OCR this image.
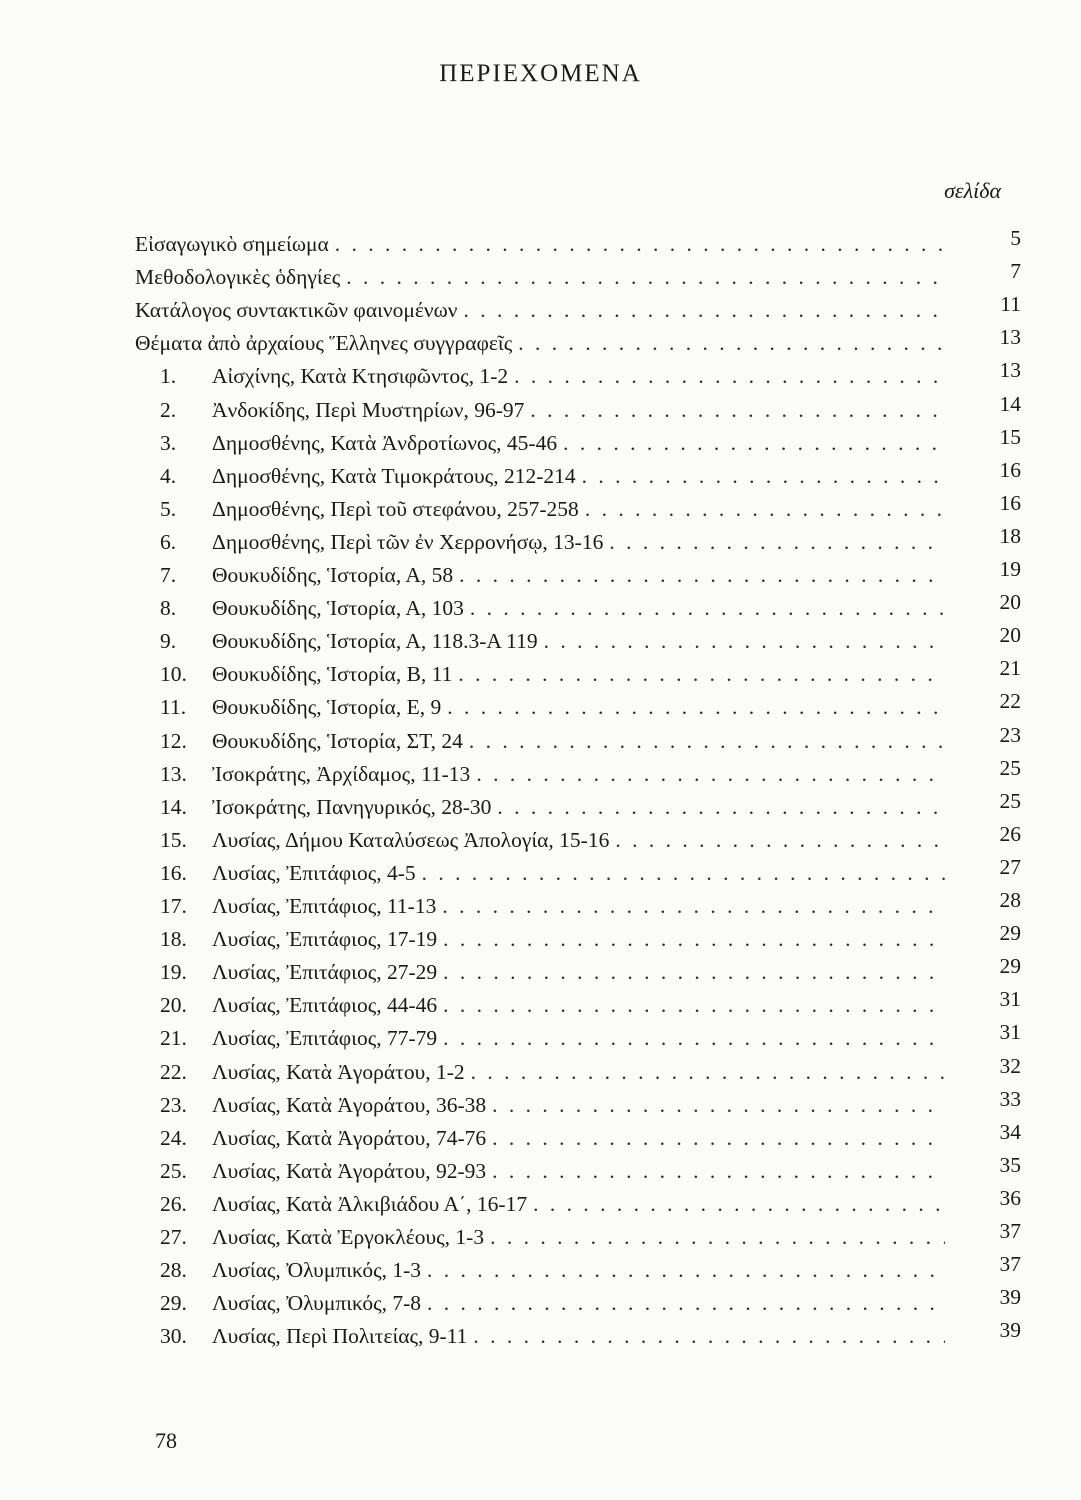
ΠΕΡΙΕΧΟΜΕΝΑ
σελίδα
Εἰσαγωγικὸ σημείωμα . . .	5
Μεθοδολογικὲς ὁδηγίες . . .	7
Κατάλογος συντακτικῶν φαινομένων . . .	11
Θέματα ἀπὸ ἀρχαίους Ἕλληνες συγγραφεῖς . . .	13
1.	Αἰσχίνης, Κατὰ Κτησιφῶντος, 1-2 . . .	13
2.	Ἀνδοκίδης, Περὶ Μυστηρίων, 96-97 . . .	14
3.	Δημοσθένης, Κατὰ Ἀνδροτίωνος, 45-46 . . .	15
4.	Δημοσθένης, Κατὰ Τιμοκράτους, 212-214 . . .	16
5.	Δημοσθένης, Περὶ τοῦ στεφάνου, 257-258 . . .	16
6.	Δημοσθένης, Περὶ τῶν ἐν Χερρονήσῳ, 13-16 . . .	18
7.	Θουκυδίδης, Ἱστορία, Α, 58 . . .	19
8.	Θουκυδίδης, Ἱστορία, Α, 103 . . .	20
9.	Θουκυδίδης, Ἱστορία, Α, 118.3-Α 119 . . .	20
10.	Θουκυδίδης, Ἱστορία, Β, 11 . . .	21
11.	Θουκυδίδης, Ἱστορία, Ε, 9 . . .	22
12.	Θουκυδίδης, Ἱστορία, ΣΤ, 24 . . .	23
13.	Ἰσοκράτης, Ἀρχίδαμος, 11-13 . . .	25
14.	Ἰσοκράτης, Πανηγυρικός, 28-30 . . .	25
15.	Λυσίας, Δήμου Καταλύσεως Ἀπολογία, 15-16 . . .	26
16.	Λυσίας, Ἐπιτάφιος, 4-5 . . .	27
17.	Λυσίας, Ἐπιτάφιος, 11-13 . . .	28
18.	Λυσίας, Ἐπιτάφιος, 17-19 . . .	29
19.	Λυσίας, Ἐπιτάφιος, 27-29 . . .	29
20.	Λυσίας, Ἐπιτάφιος, 44-46 . . .	31
21.	Λυσίας, Ἐπιτάφιος, 77-79 . . .	31
22.	Λυσίας, Κατὰ Ἀγοράτου, 1-2 . . .	32
23.	Λυσίας, Κατὰ Ἀγοράτου, 36-38 . . .	33
24.	Λυσίας, Κατὰ Ἀγοράτου, 74-76 . . .	34
25.	Λυσίας, Κατὰ Ἀγοράτου, 92-93 . . .	35
26.	Λυσίας, Κατὰ Ἀλκιβιάδου Α΄, 16-17 . . .	36
27.	Λυσίας, Κατὰ Ἐργοκλέους, 1-3 . . .	37
28.	Λυσίας, Ὀλυμπικός, 1-3 . . .	37
29.	Λυσίας, Ὀλυμπικός, 7-8 . . .	39
30.	Λυσίας, Περὶ Πολιτείας, 9-11 . . .	39
78
